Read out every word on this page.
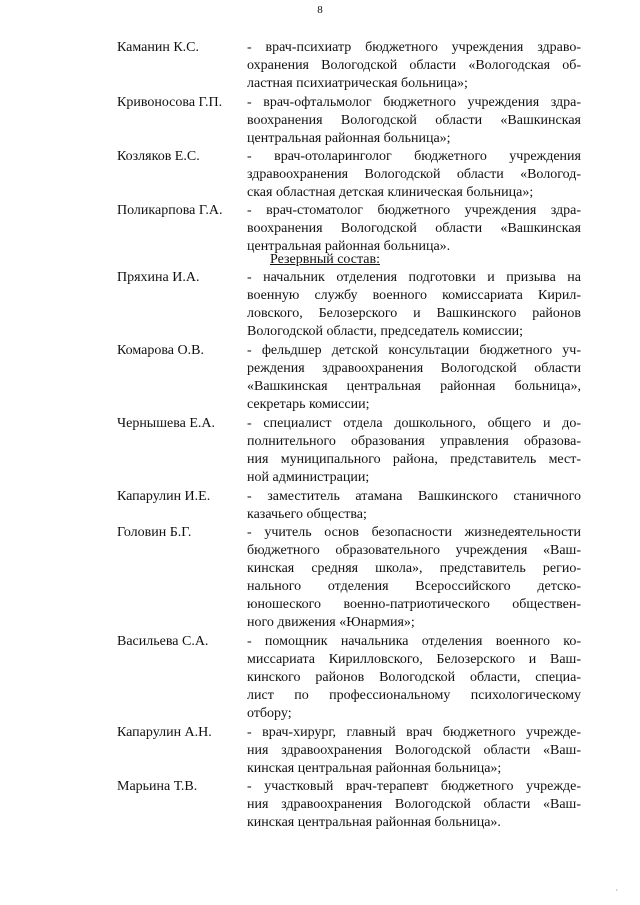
8
Каманин К.С.	- врач-психиатр бюджетного учреждения здраво-
охранения Вологодской области «Вологодская об-
ластная психиатрическая больница»;
Кривоносова Г.П. - врач-офтальмолог бюджетного учреждения здра-
воохранения Вологодской области «Вашкинская
центральная районная больница»;
Козляков Е.С.	- врач-отоларинголог бюджетного учреждения
здравоохранения Вологодской области «Вологод-
ская областная детская клиническая больница»;
Поликарпова Г.А. - врач-стоматолог бюджетного учреждения здра-
воохранения Вологодской области «Вашкинская
центральная районная больница».
Резервный состав:
Пряхина И.А.	- начальник отделения подготовки и призыва на
военную службу военного комиссариата Кирил-
ловского, Белозерского и Вашкинского районов
Вологодской области, председатель комиссии;
Комарова О.В.	- фельдшер детской консультации бюджетного уч-
реждения здравоохранения Вологодской области
«Вашкинская центральная районная больница»,
секретарь комиссии;
Чернышева Е.А. - специалист отдела дошкольного, общего и до-
полнительного образования управления образова-
ния муниципального района, представитель мест-
ной администрации;
Капарулин И.Е.	- заместитель атамана Вашкинского станичного
казачьего общества;
Головин Б.Г.	- учитель основ безопасности жизнедеятельности
бюджетного образовательного учреждения «Ваш-
кинская средняя школа», представитель регио-
нального отделения Всероссийского детско-
юношеского военно-патриотического обществен-
ного движения «Юнармия»;
Васильева С.А.	- помощник начальника отделения военного ко-
миссариата Кирилловского, Белозерского и Ваш-
кинского районов Вологодской области, специа-
лист по профессиональному психологическому
отбору;
Капарулин А.Н.	- врач-хирург, главный врач бюджетного учрежде-
ния здравоохранения Вологодской области «Ваш-
кинская центральная районная больница»;
Марьина Т.В.	- участковый врач-терапевт бюджетного учрежде-
ния здравоохранения Вологодской области «Ваш-
кинская центральная районная больница».
·
